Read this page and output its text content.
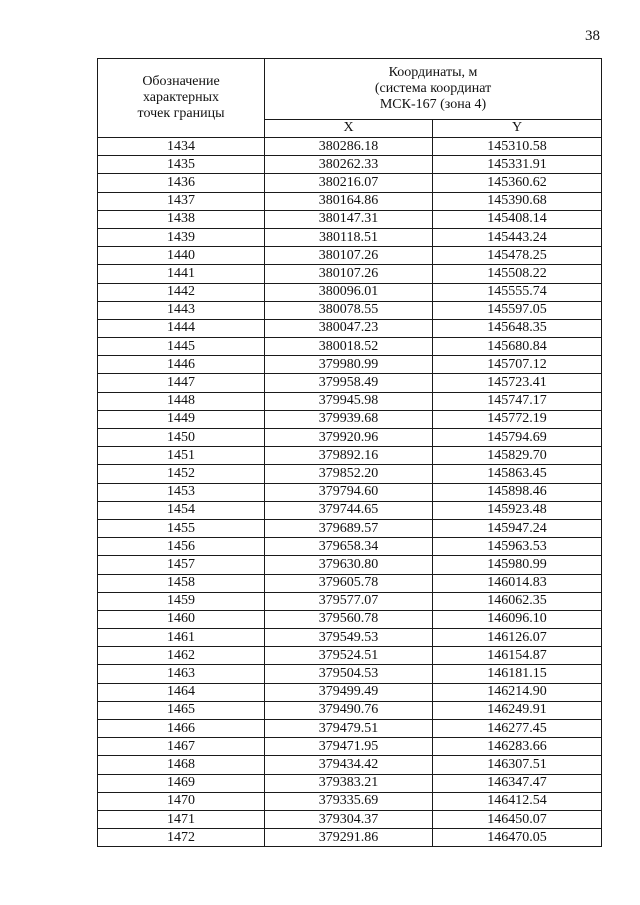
38
Обозначение
характерных
точек границы	Координаты, м
(система координат
МСК-167 (зона 4)	

	X	Y
1434	380286.18	145310.58
1435	380262.33	145331.91
1436	380216.07	145360.62
1437	380164.86	145390.68
1438	380147.31	145408.14
1439	380118.51	145443.24
1440	380107.26	145478.25
1441	380107.26	145508.22
1442	380096.01	145555.74
1443	380078.55	145597.05
1444	380047.23	145648.35
1445	380018.52	145680.84
1446	379980.99	145707.12
1447	379958.49	145723.41
1448	379945.98	145747.17
1449	379939.68	145772.19
1450	379920.96	145794.69
1451	379892.16	145829.70
1452	379852.20	145863.45
1453	379794.60	145898.46
1454	379744.65	145923.48
1455	379689.57	145947.24
1456	379658.34	145963.53
1457	379630.80	145980.99
1458	379605.78	146014.83
1459	379577.07	146062.35
1460	379560.78	146096.10
1461	379549.53	146126.07
1462	379524.51	146154.87
1463	379504.53	146181.15
1464	379499.49	146214.90
1465	379490.76	146249.91
1466	379479.51	146277.45
1467	379471.95	146283.66
1468	379434.42	146307.51
1469	379383.21	146347.47
1470	379335.69	146412.54
1471	379304.37	146450.07
1472	379291.86	146470.05
